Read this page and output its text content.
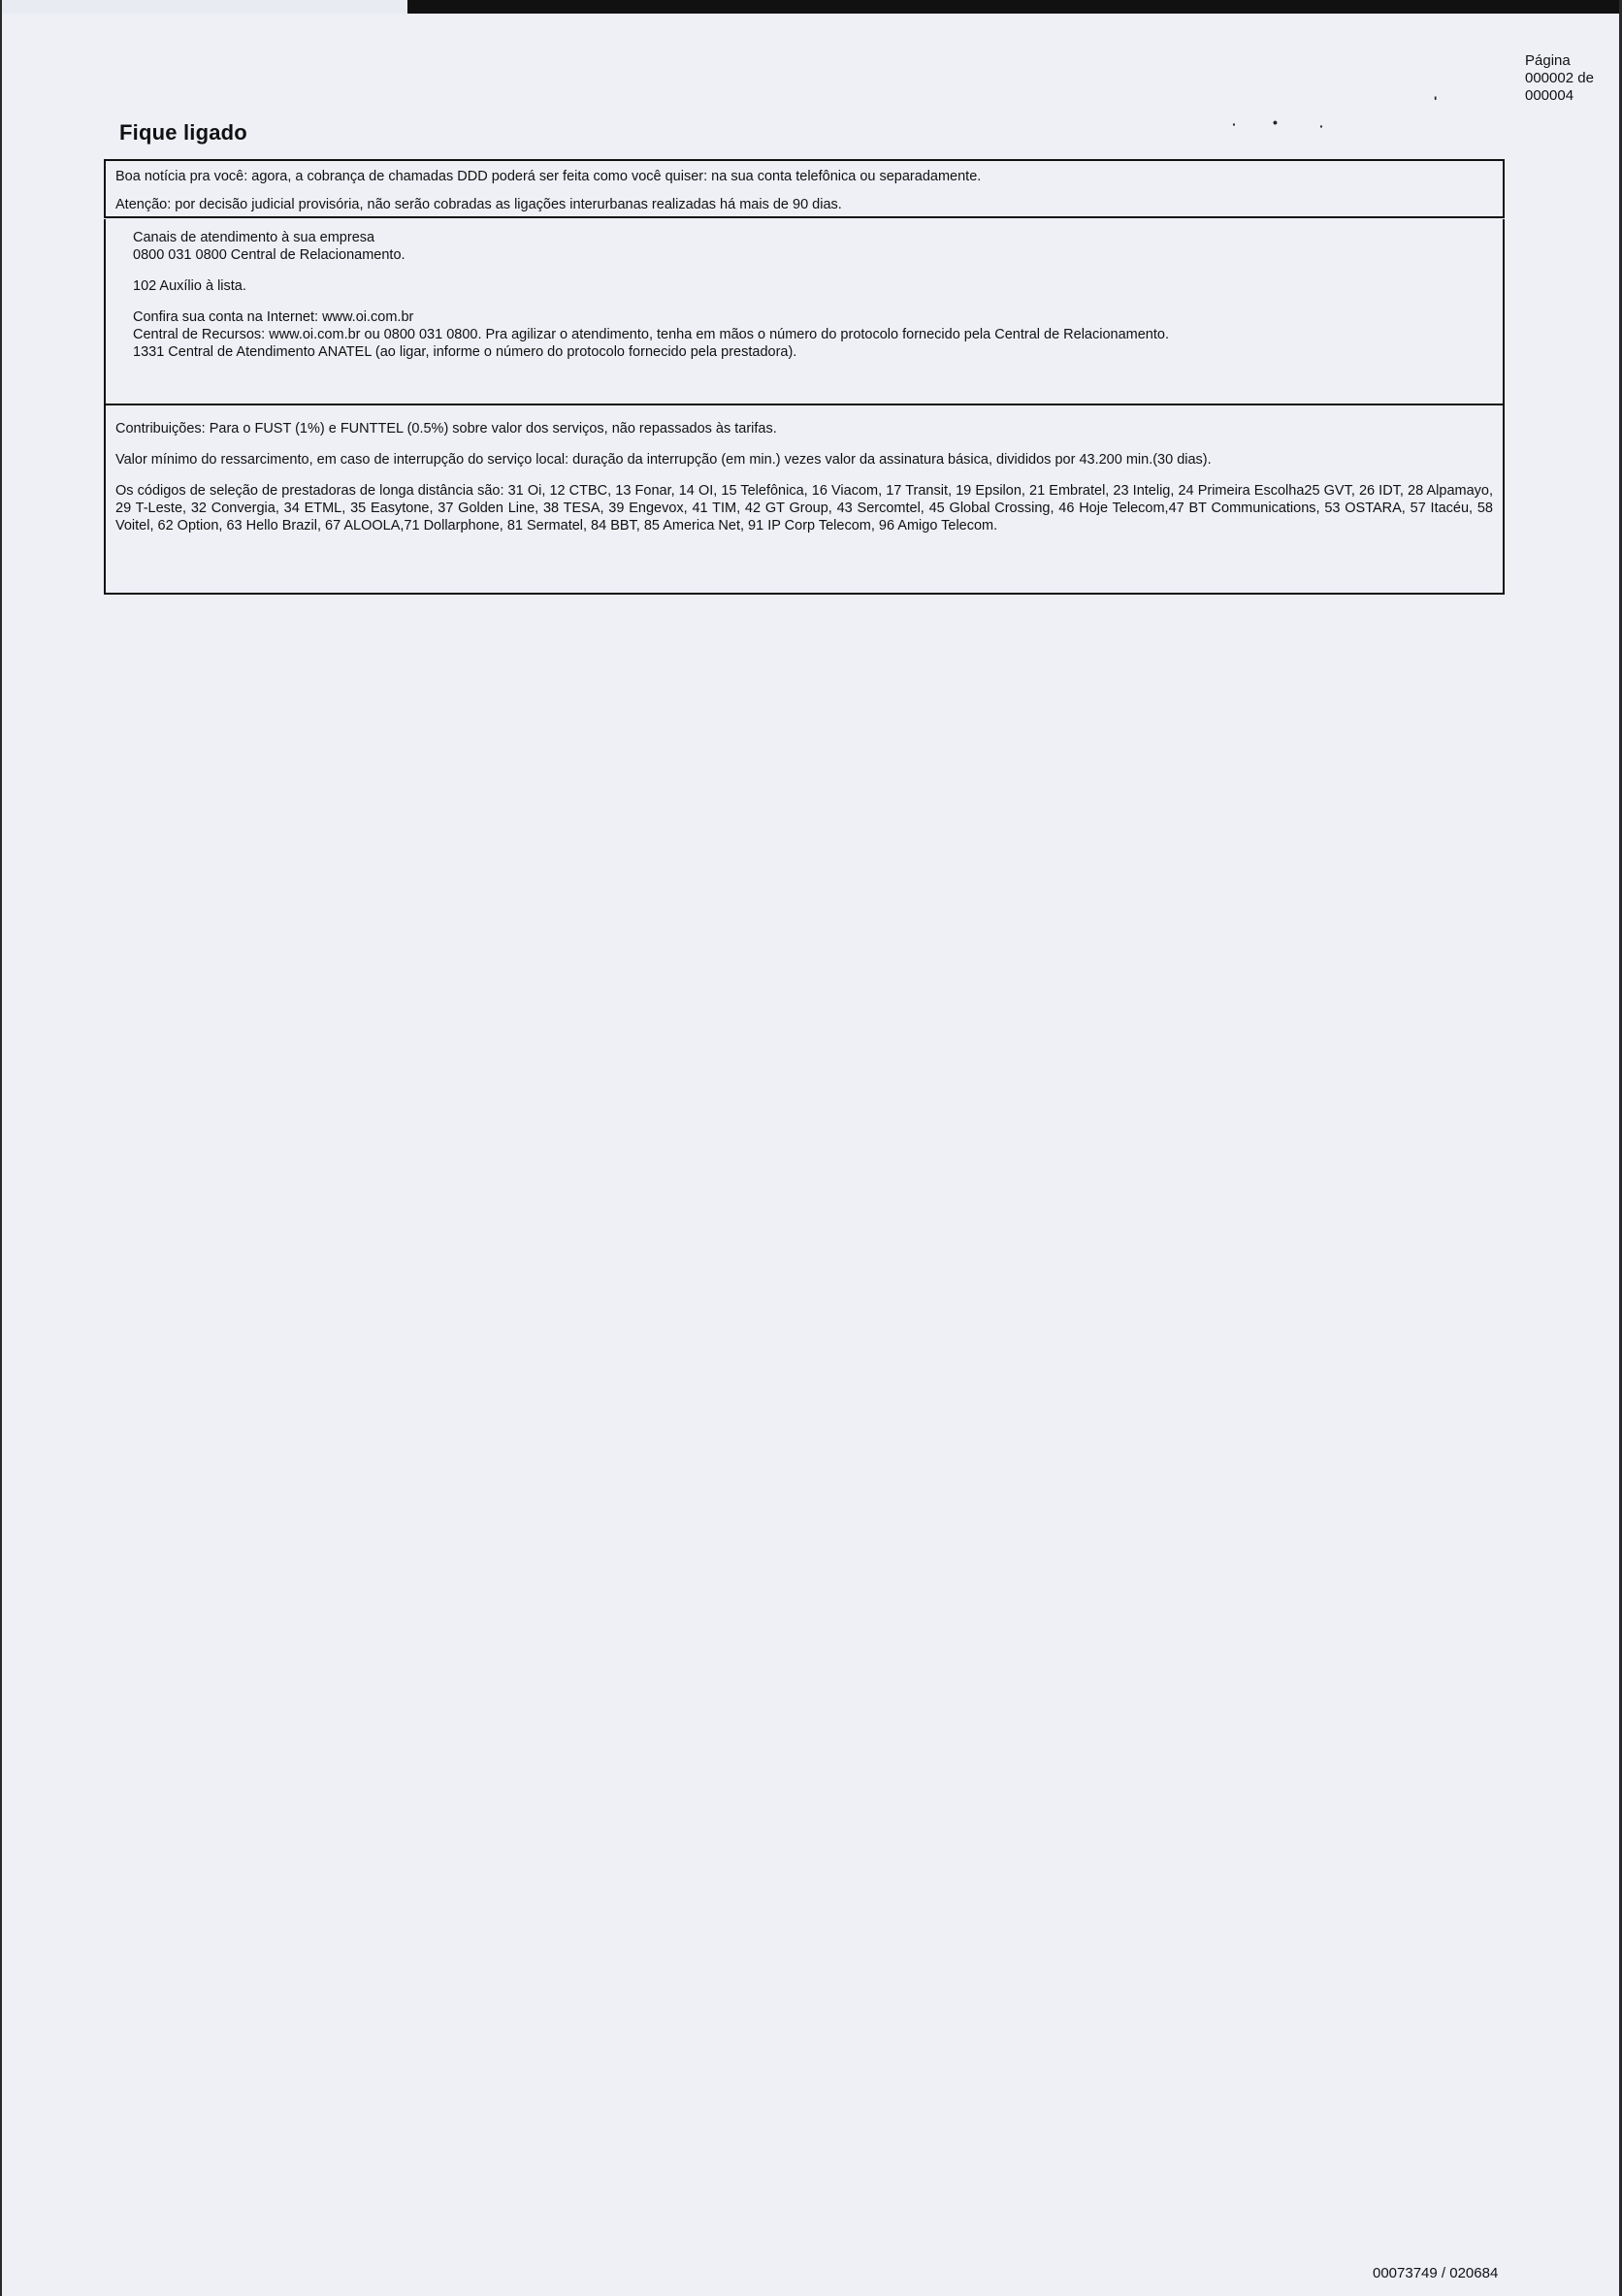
Página
000002 de 000004
·	•	·
'
Fique ligado
Boa notícia pra você: agora, a cobrança de chamadas DDD poderá ser feita como você quiser: na sua conta telefônica ou separadamente.
Atenção: por decisão judicial provisória, não serão cobradas as ligações interurbanas realizadas há mais de 90 dias.

Canais de atendimento à sua empresa

0800 031 0800 Central de Relacionamento.

102 Auxílio à lista.

Confira sua conta na Internet: www.oi.com.br

Central de Recursos: www.oi.com.br ou 0800 031 0800. Pra agilizar o atendimento, tenha em mãos o número do protocolo fornecido pela Central de Relacionamento.

1331 Central de Atendimento ANATEL (ao ligar, informe o número do protocolo fornecido pela prestadora).

Contribuições: Para o FUST (1%) e FUNTTEL (0.5%) sobre valor dos serviços, não repassados às tarifas.

Valor mínimo do ressarcimento, em caso de interrupção do serviço local: duração da interrupção (em min.) vezes valor da assinatura básica, divididos por 43.200 min.(30 dias).

Os códigos de seleção de prestadoras de longa distância são: 31 Oi, 12 CTBC, 13 Fonar, 14 OI, 15 Telefônica, 16 Viacom, 17 Transit, 19 Epsilon, 21 Embratel, 23 Intelig, 24 Primeira Escolha25 GVT, 26 IDT, 28 Alpamayo, 29 T-Leste, 32 Convergia, 34 ETML, 35 Easytone, 37 Golden Line, 38 TESA, 39 Engevox, 41 TIM, 42 GT Group, 43 Sercomtel, 45 Global Crossing, 46 Hoje Telecom,47 BT Communications, 53 OSTARA, 57 Itacéu, 58 Voitel, 62 Option, 63 Hello Brazil, 67 ALOOLA,71 Dollarphone, 81 Sermatel, 84 BBT, 85 America Net, 91 IP Corp Telecom, 96 Amigo Telecom.

00073749 / 020684
